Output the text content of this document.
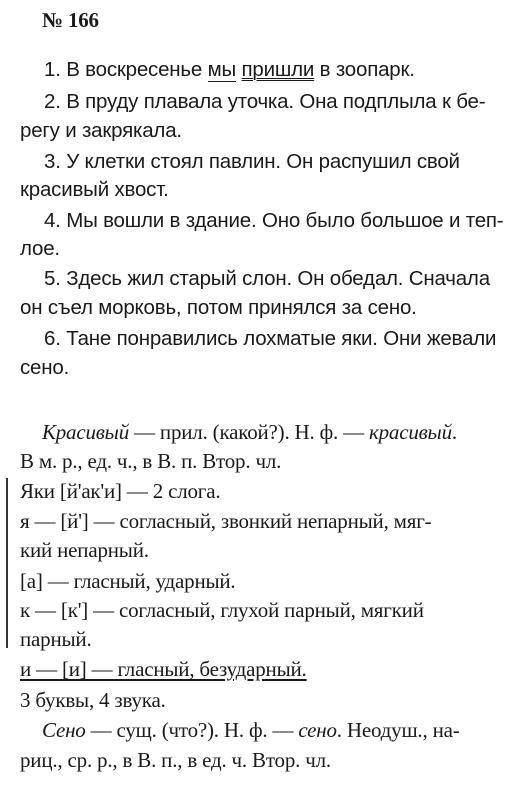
№ 166
1. В воскресенье мы пришли в зоопарк.
2. В пруду плавала уточка. Она подплыла к бе-
регу и закрякала.
3. У клетки стоял павлин. Он распушил свой
красивый хвост.
4. Мы вошли в здание. Оно было большое и теп-
лое.
5. Здесь жил старый слон. Он обедал. Сначала
он съел морковь, потом принялся за сено.
6. Тане понравились лохматые яки. Они жевали
сено.
Красивый — прил. (какой?). Н. ф. — красивый.
В м. р., ед. ч., в В. п. Втор. чл.
Яки [й'ак'и] — 2 слога.
я — [й'] — согласный, звонкий непарный, мяг-
кий непарный.
[а] — гласный, ударный.
к — [к'] — согласный, глухой парный, мягкий
парный.
и — [и] — гласный, безударный.
3 буквы, 4 звука.
Сено — сущ. (что?). Н. ф. — сено. Неодуш., на-
риц., ср. р., в В. п., в ед. ч. Втор. чл.
